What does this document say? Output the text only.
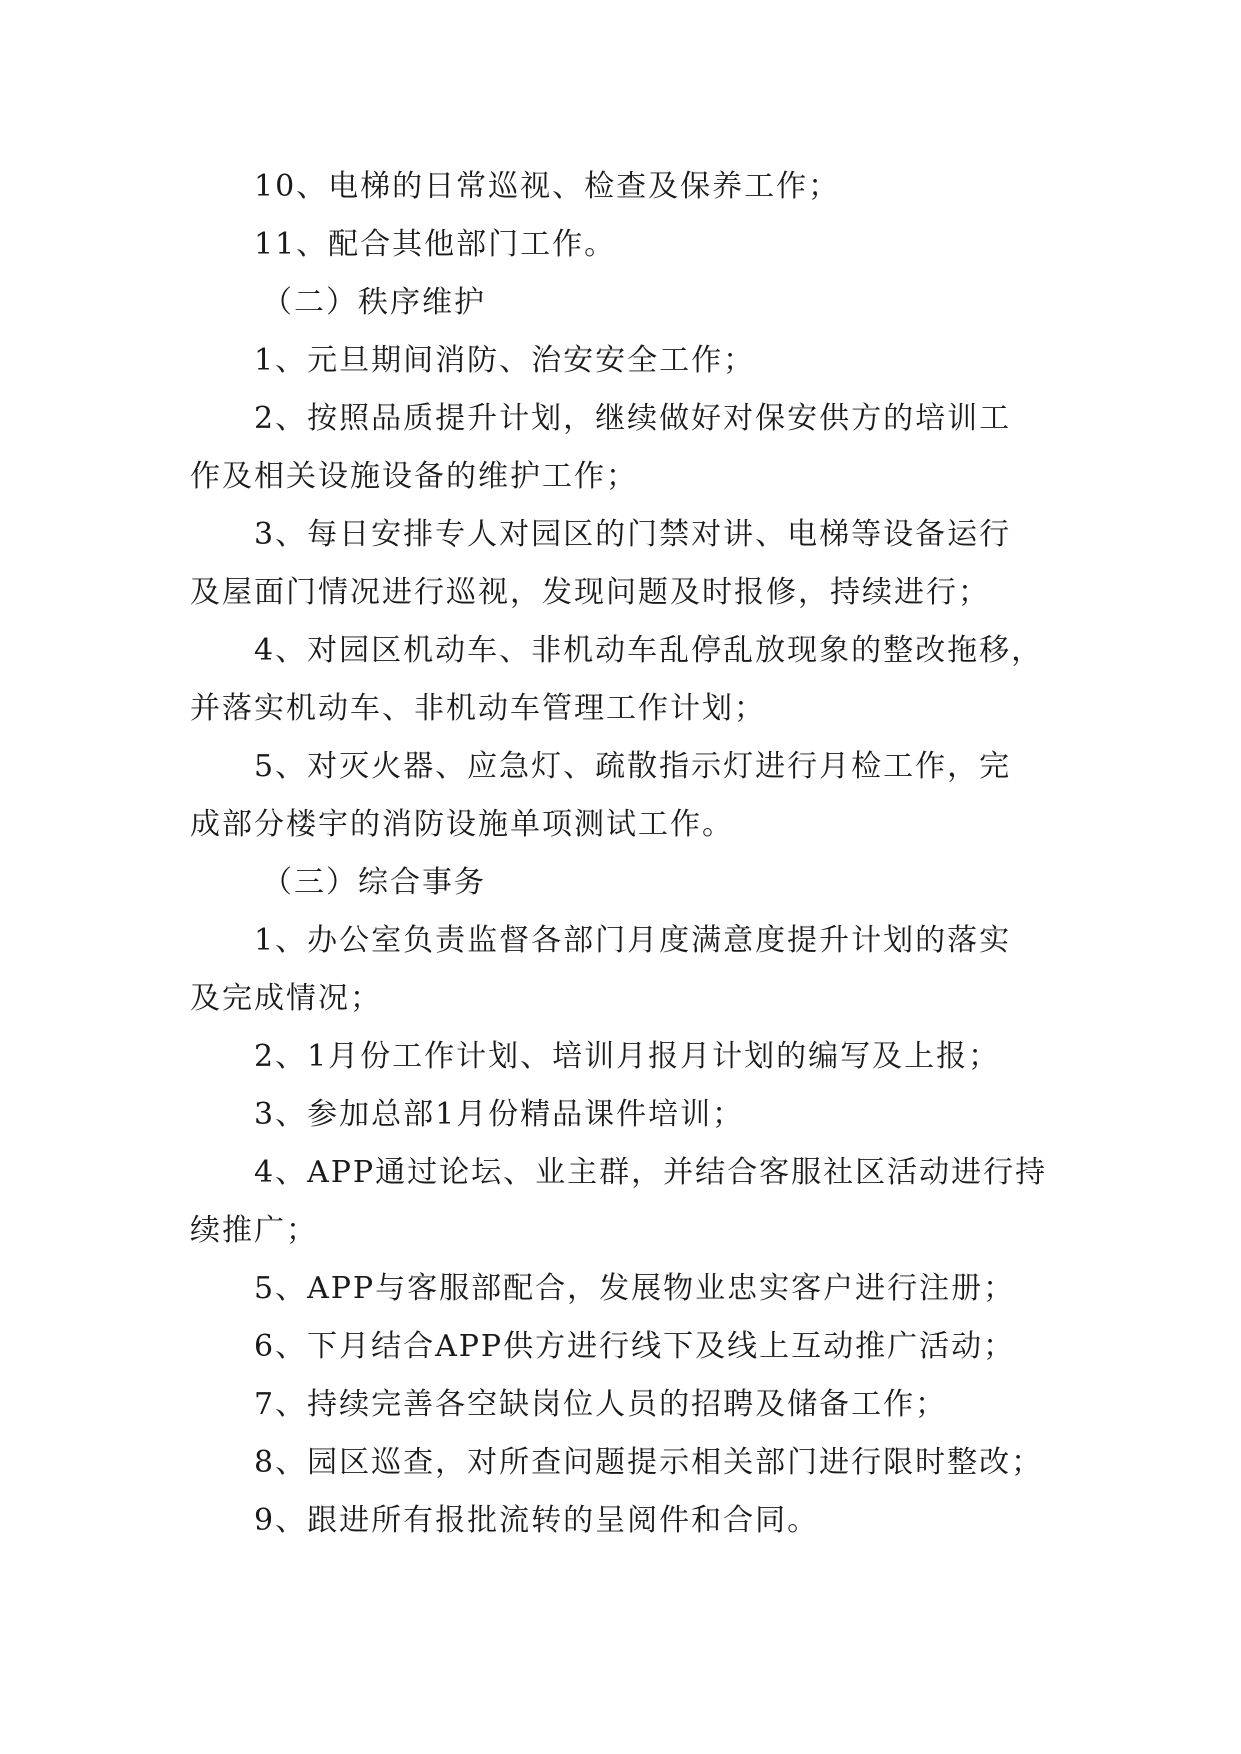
10、电梯的日常巡视、检查及保养工作；
11、配合其他部门工作。
（二）秩序维护
1、元旦期间消防、治安安全工作；
2、按照品质提升计划，继续做好对保安供方的培训工
作及相关设施设备的维护工作；
3、每日安排专人对园区的门禁对讲、电梯等设备运行
及屋面门情况进行巡视，发现问题及时报修，持续进行；
4、对园区机动车、非机动车乱停乱放现象的整改拖移，
并落实机动车、非机动车管理工作计划；
5、对灭火器、应急灯、疏散指示灯进行月检工作，完
成部分楼宇的消防设施单项测试工作。
（三）综合事务
1、办公室负责监督各部门月度满意度提升计划的落实
及完成情况；
2、1月份工作计划、培训月报月计划的编写及上报；
3、参加总部1月份精品课件培训；
4、APP通过论坛、业主群，并结合客服社区活动进行持
续推广；
5、APP与客服部配合，发展物业忠实客户进行注册；
6、下月结合APP供方进行线下及线上互动推广活动；
7、持续完善各空缺岗位人员的招聘及储备工作；
8、园区巡查，对所查问题提示相关部门进行限时整改；
9、跟进所有报批流转的呈阅件和合同。
